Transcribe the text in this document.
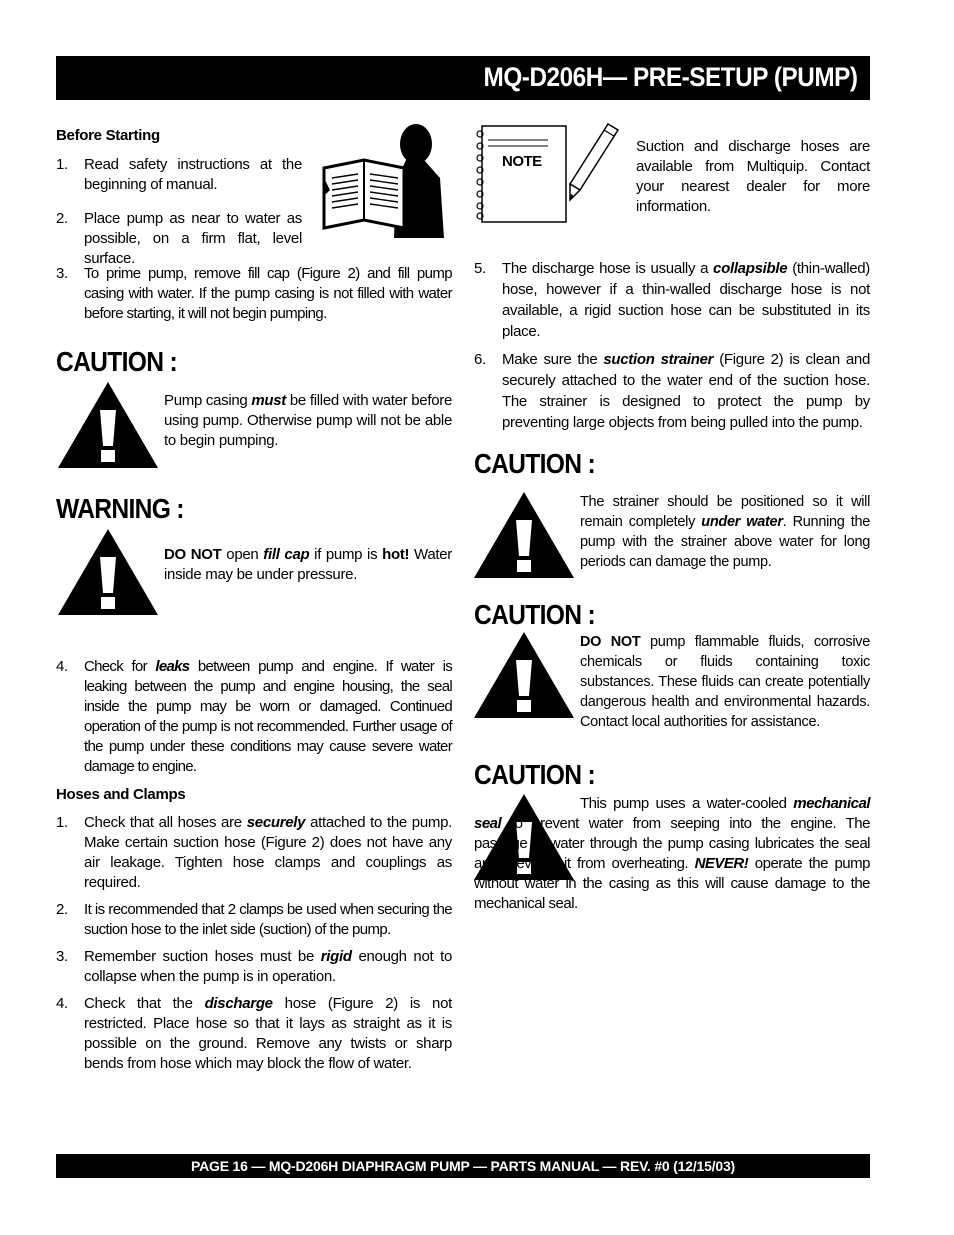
MQ-D206H— PRE-SETUP (PUMP)

Before Starting

1. Read safety instructions at the beginning of manual.

2. Place pump as near to water as possible, on a firm flat, level surface.

3. To prime pump, remove fill cap (Figure 2) and fill pump casing with water. If the pump casing is not filled with water before starting, it will not begin pumping.

CAUTION :

Pump casing must be filled with water before using pump. Otherwise pump will not be able to begin pumping.

WARNING :

DO NOT open fill cap if pump is hot! Water inside may be under pressure.

4. Check for leaks between pump and engine. If water is leaking between the pump and engine housing, the seal inside the pump may be worn or damaged. Continued operation of the pump is not recommended. Further usage of the pump under these conditions may cause severe water damage to engine.

Hoses and Clamps

1. Check that all hoses are securely attached to the pump. Make certain suction hose (Figure 2) does not have any air leakage. Tighten hose clamps and couplings as required.

2. It is recommended that 2 clamps be used when securing the suction hose to the inlet side (suction) of the pump.

3. Remember suction hoses must be rigid enough not to collapse when the pump is in operation.

4. Check that the discharge hose (Figure 2) is not restricted. Place hose so that it lays as straight as it is possible on the ground. Remove any twists or sharp bends from hose which may block the flow of water.

NOTE

Suction and discharge hoses are available from Multiquip. Contact your nearest dealer for more information.

5. The discharge hose is usually a collapsible (thin-walled) hose, however if a thin-walled discharge hose is not available, a rigid suction hose can be substituted in its place.

6. Make sure the suction strainer (Figure 2) is clean and securely attached to the water end of the suction hose. The strainer is designed to protect the pump by preventing large objects from being pulled into the pump.

CAUTION :

The strainer should be positioned so it will remain completely under water. Running the pump with the strainer above water for long periods can damage the pump.

CAUTION :

DO NOT pump flammable fluids, corrosive chemicals or fluids containing toxic substances. These fluids can create potentially dangerous health and environmental hazards. Contact local authorities for assistance.

CAUTION :

This pump uses a water-cooled mechanical seal to prevent water from seeping into the engine. The passage of water through the pump casing lubricates the seal and prevents it from overheating. NEVER! operate the pump without water in the casing as this will cause damage to the mechanical seal.

PAGE 16 — MQ-D206H DIAPHRAGM PUMP — PARTS MANUAL — REV. #0 (12/15/03)
